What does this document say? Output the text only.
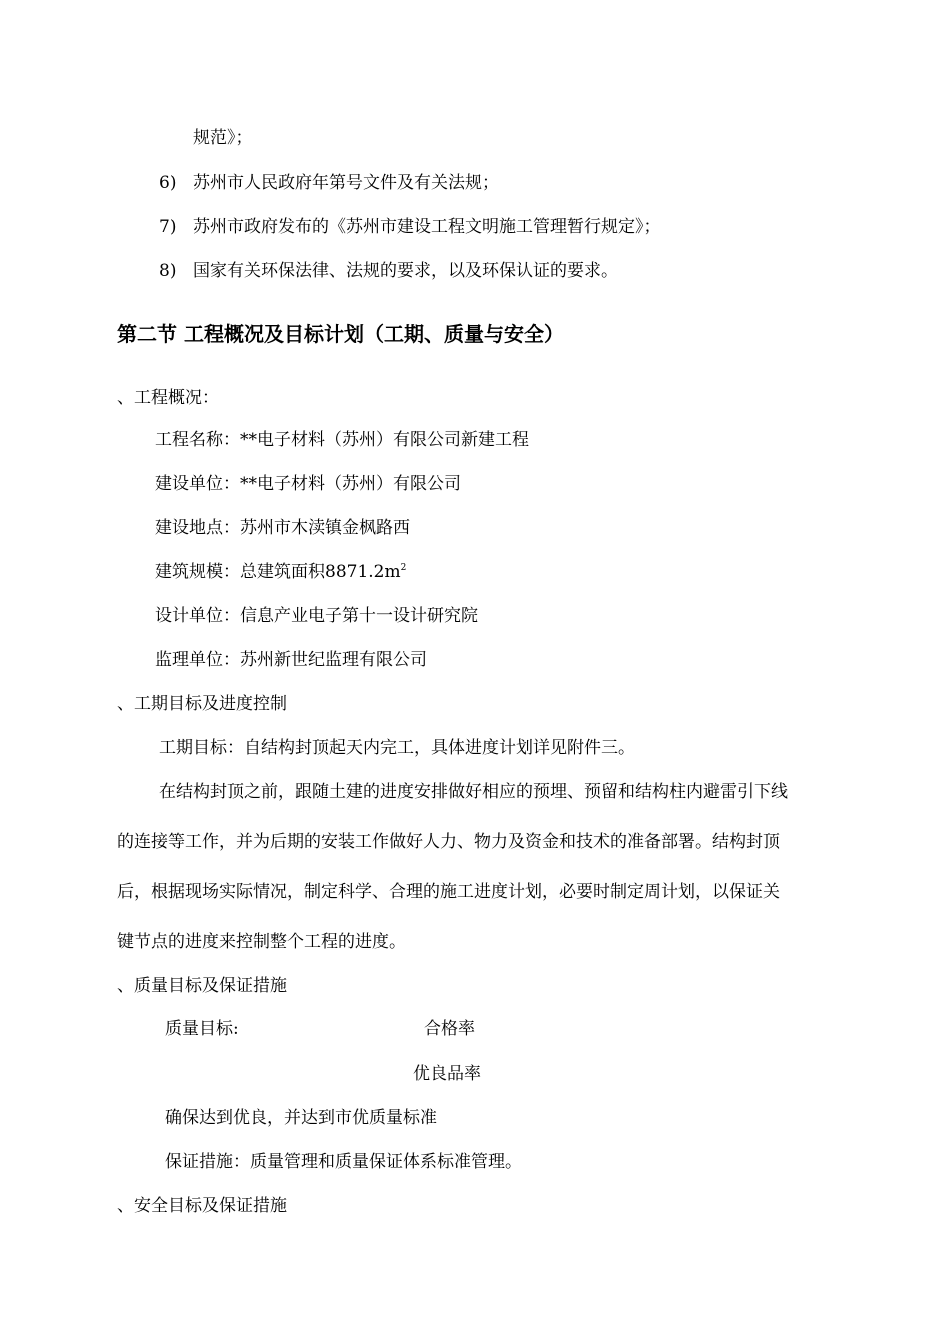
规范》；
6) 苏州市人民政府年第号文件及有关法规；
7) 苏州市政府发布的《苏州市建设工程文明施工管理暂行规定》；
8) 国家有关环保法律、法规的要求，以及环保认证的要求。
第二节 工程概况及目标计划（工期、质量与安全）
、工程概况：
工程名称：**电子材料（苏州）有限公司新建工程
建设单位：**电子材料（苏州）有限公司
建设地点：苏州市木渎镇金枫路西
建筑规模：总建筑面积$8871.2m^2$
设计单位：信息产业电子第十一设计研究院
监理单位：苏州新世纪监理有限公司
、工期目标及进度控制
工期目标：自结构封顶起天内完工，具体进度计划详见附件三。
在结构封顶之前，跟随土建的进度安排做好相应的预埋、预留和结构柱内避雷引下线
的连接等工作，并为后期的安装工作做好人力、物力及资金和技术的准备部署。结构封顶
后，根据现场实际情况，制定科学、合理的施工进度计划，必要时制定周计划，以保证关
键节点的进度来控制整个工程的进度。
、质量目标及保证措施
质量目标:	合格率
优良品率
确保达到优良，并达到市优质量标准
保证措施：质量管理和质量保证体系标准管理。
、安全目标及保证措施
